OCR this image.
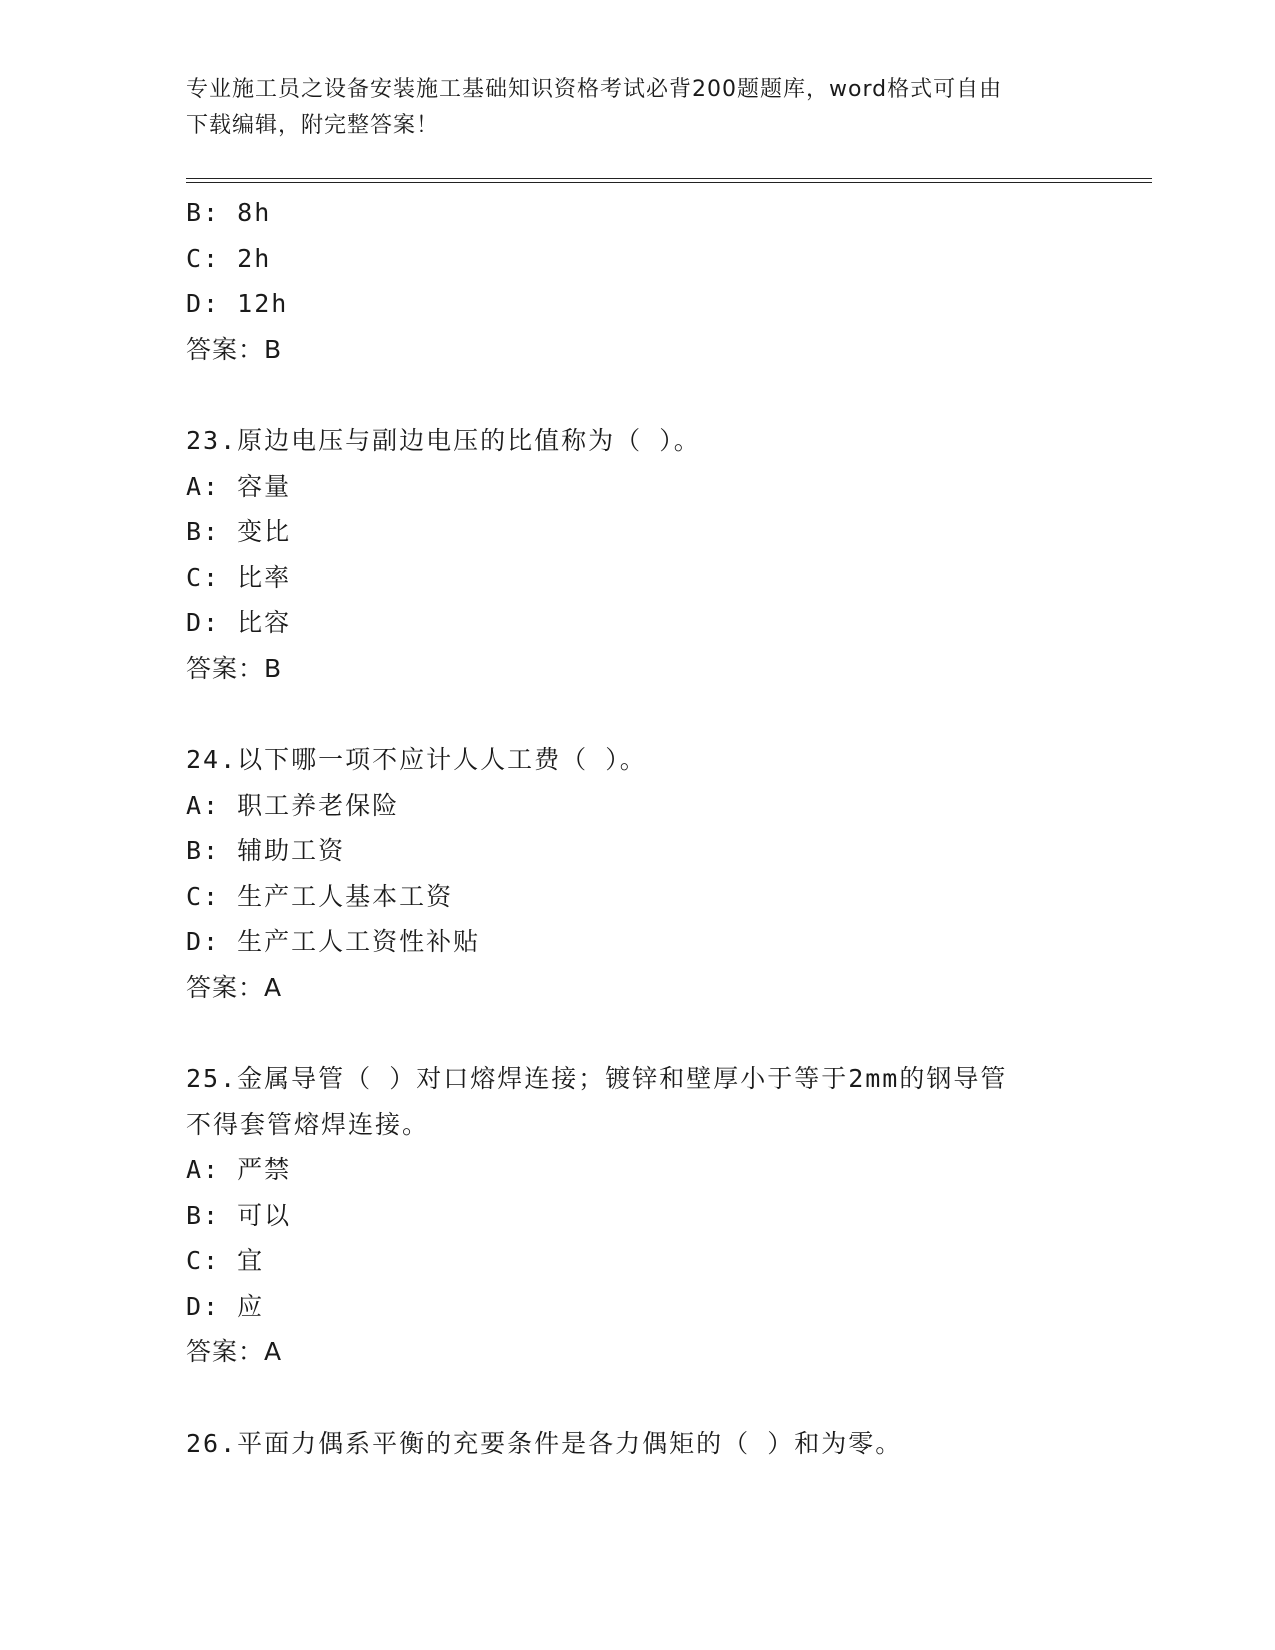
专业施工员之设备安装施工基础知识资格考试必背200题题库，word格式可自由
下载编辑，附完整答案！
B: 8h
C: 2h
D: 12h
答案：B
23.原边电压与副边电压的比值称为（ ）。
A: 容量
B: 变比
C: 比率
D: 比容
答案：B
24.以下哪一项不应计人人工费（ ）。
A: 职工养老保险
B: 辅助工资
C: 生产工人基本工资
D: 生产工人工资性补贴
答案：A
25.金属导管（ ）对口熔焊连接；镀锌和壁厚小于等于2mm的钢导管
不得套管熔焊连接。
A: 严禁
B: 可以
C: 宜
D: 应
答案：A
26.平面力偶系平衡的充要条件是各力偶矩的（ ）和为零。
